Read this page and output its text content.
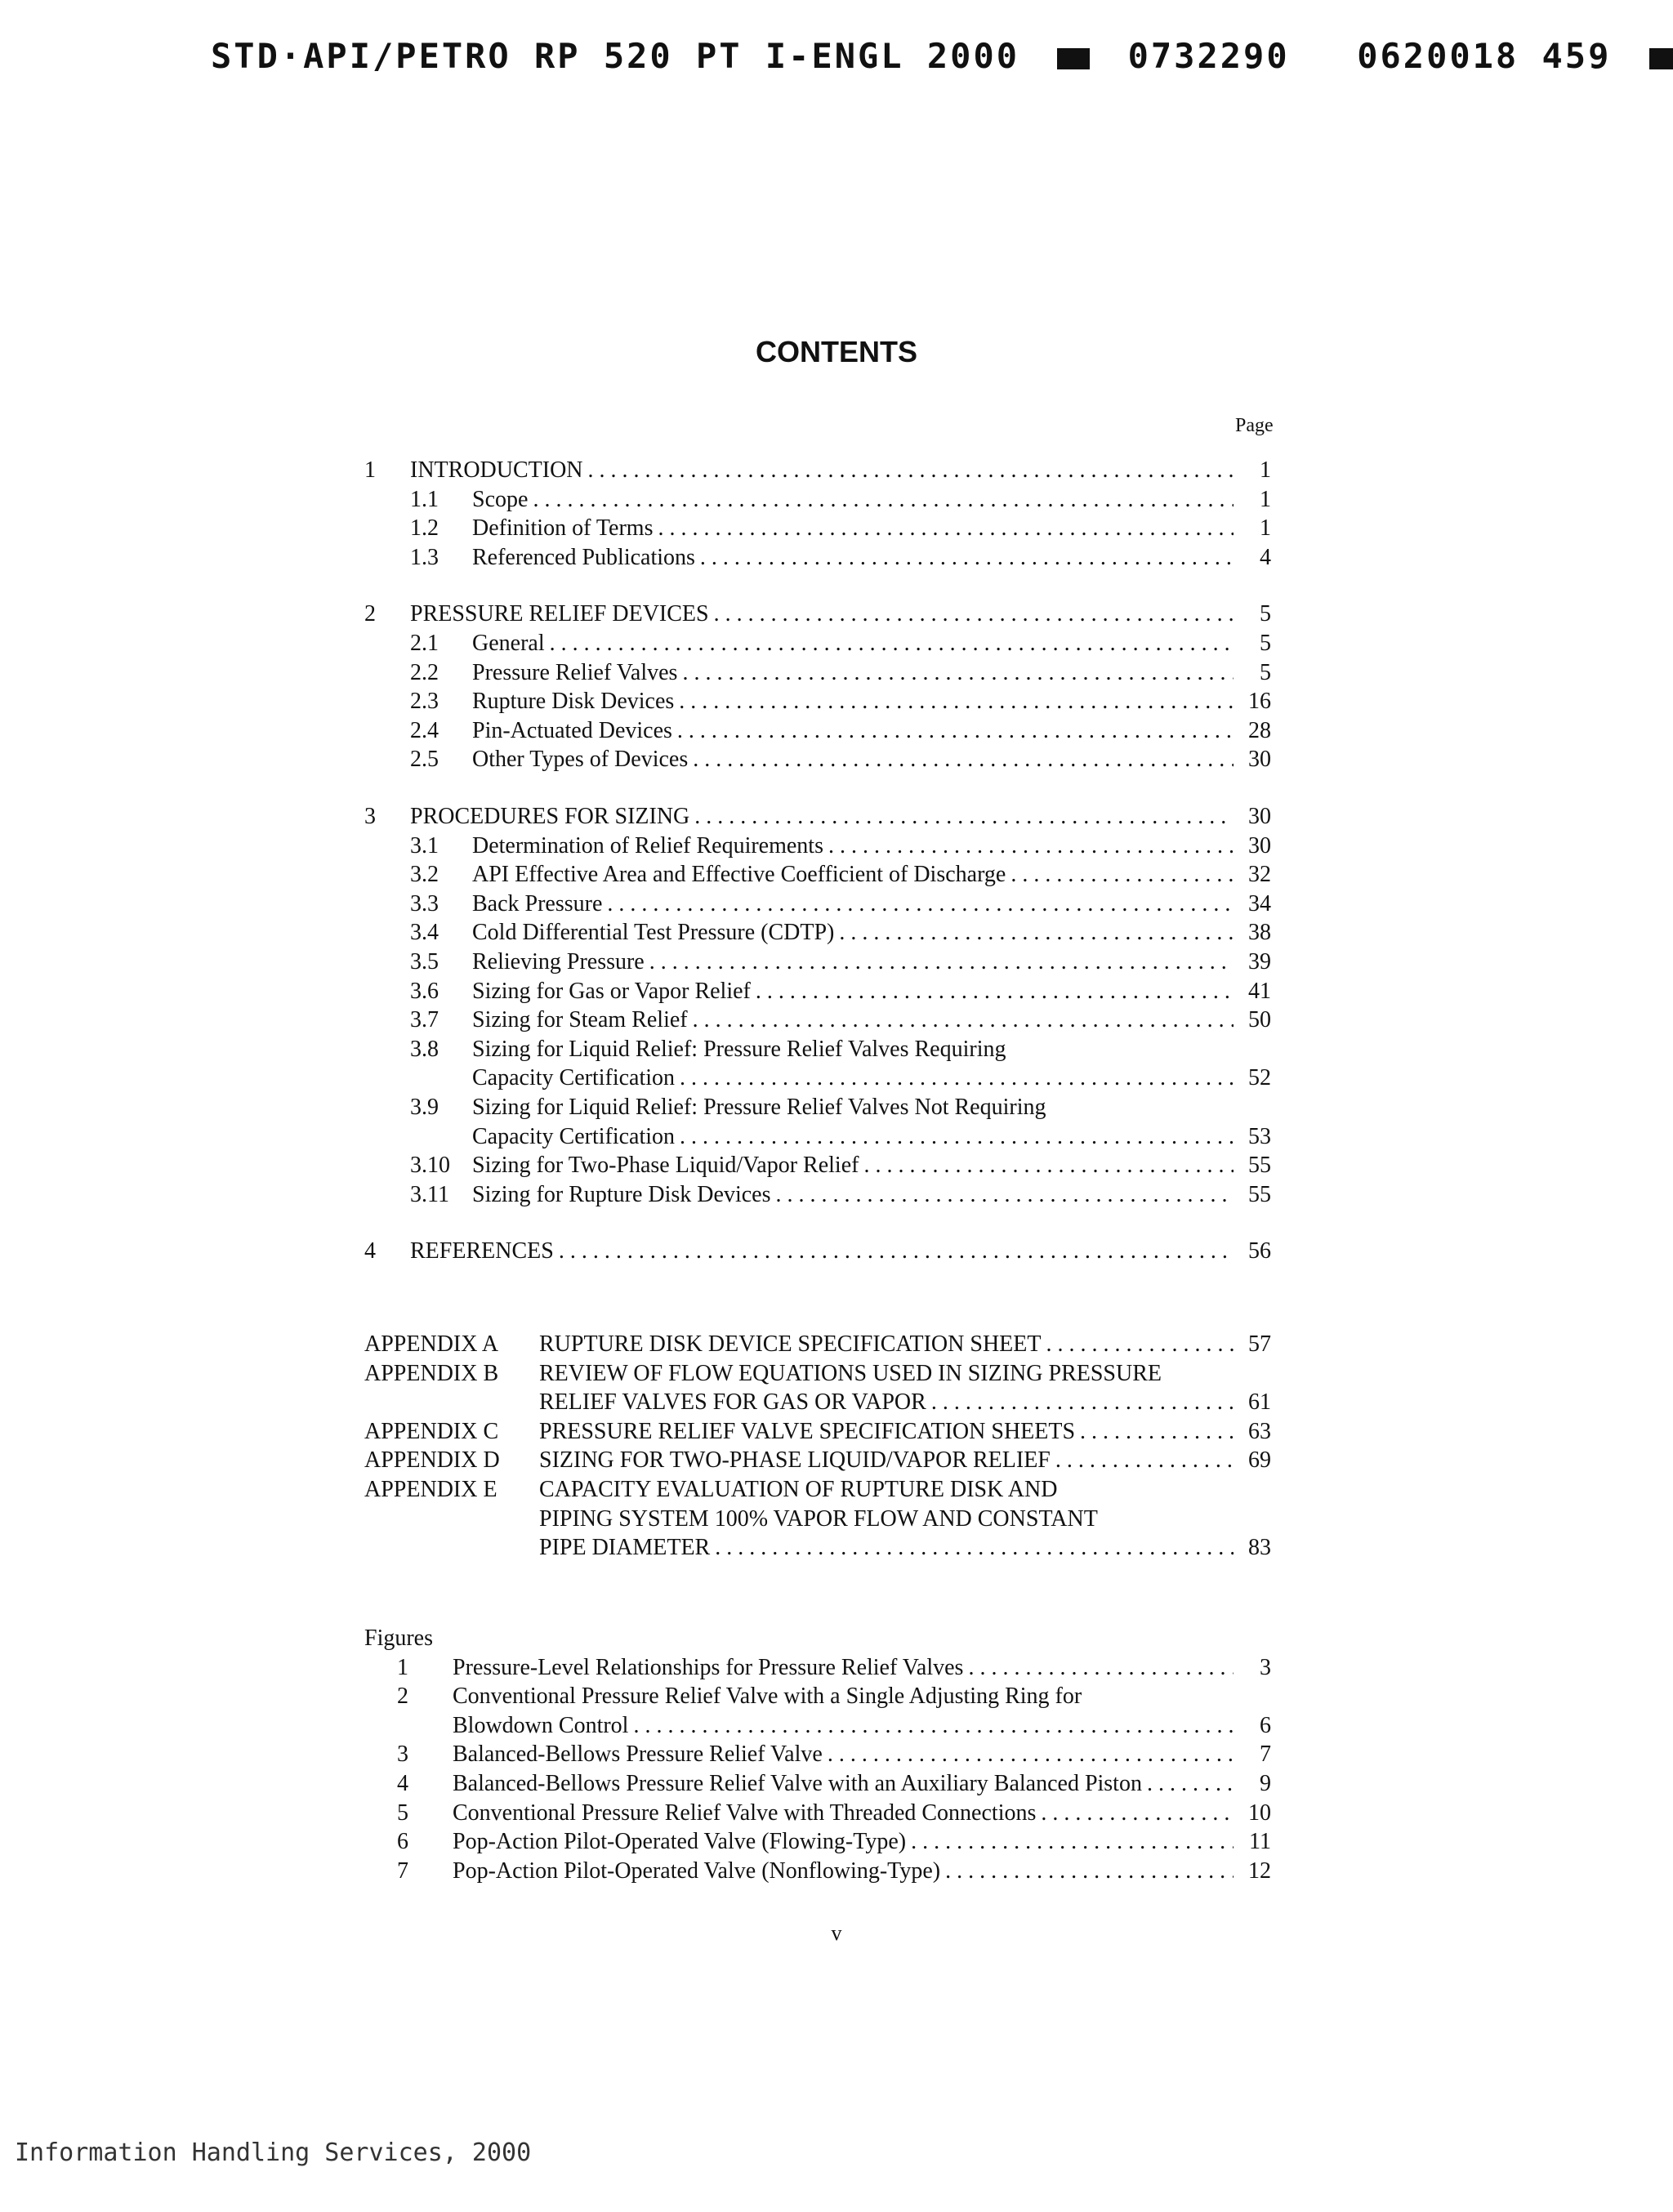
STD·API/PETRO RP 520 PT I-ENGL 2000	0732290 0620018 459
CONTENTS
Page
1 INTRODUCTION . . .	1
1.1 Scope . . .	1
1.2 Definition of Terms . . .	1
1.3 Referenced Publications . . .	4
2 PRESSURE RELIEF DEVICES . . .	5
2.1 General . . .	5
2.2 Pressure Relief Valves . . .	5
2.3 Rupture Disk Devices . . .	16
2.4 Pin-Actuated Devices . . .	28
2.5 Other Types of Devices . . .	30
3 PROCEDURES FOR SIZING . . .	30
3.1 Determination of Relief Requirements . . .	30
3.2 API Effective Area and Effective Coefficient of Discharge . . .	32
3.3 Back Pressure . . .	34
3.4 Cold Differential Test Pressure (CDTP) . . .	38
3.5 Relieving Pressure . . .	39
3.6 Sizing for Gas or Vapor Relief . . .	41
3.7 Sizing for Steam Relief . . .	50
3.8 Sizing for Liquid Relief: Pressure Relief Valves Requiring
Capacity Certification . . .	52
3.9 Sizing for Liquid Relief: Pressure Relief Valves Not Requiring
Capacity Certification . . .	53
3.10 Sizing for Two-Phase Liquid/Vapor Relief . . .	55
3.11 Sizing for Rupture Disk Devices . . .	55
4 REFERENCES . . .	56
APPENDIX A RUPTURE DISK DEVICE SPECIFICATION SHEET . . .	57
APPENDIX B REVIEW OF FLOW EQUATIONS USED IN SIZING PRESSURE
RELIEF VALVES FOR GAS OR VAPOR . . .	61
APPENDIX C PRESSURE RELIEF VALVE SPECIFICATION SHEETS . . .	63
APPENDIX D SIZING FOR TWO-PHASE LIQUID/VAPOR RELIEF . . .	69
APPENDIX E CAPACITY EVALUATION OF RUPTURE DISK AND
PIPING SYSTEM 100% VAPOR FLOW AND CONSTANT
PIPE DIAMETER . . .	83
Figures
1 Pressure-Level Relationships for Pressure Relief Valves . . .	3
2 Conventional Pressure Relief Valve with a Single Adjusting Ring for
Blowdown Control . . .	6
3 Balanced-Bellows Pressure Relief Valve . . .	7
4 Balanced-Bellows Pressure Relief Valve with an Auxiliary Balanced Piston . . .	9
5 Conventional Pressure Relief Valve with Threaded Connections . . .	10
6 Pop-Action Pilot-Operated Valve (Flowing-Type) . . .	11
7 Pop-Action Pilot-Operated Valve (Nonflowing-Type) . . .	12
v
Information Handling Services, 2000
